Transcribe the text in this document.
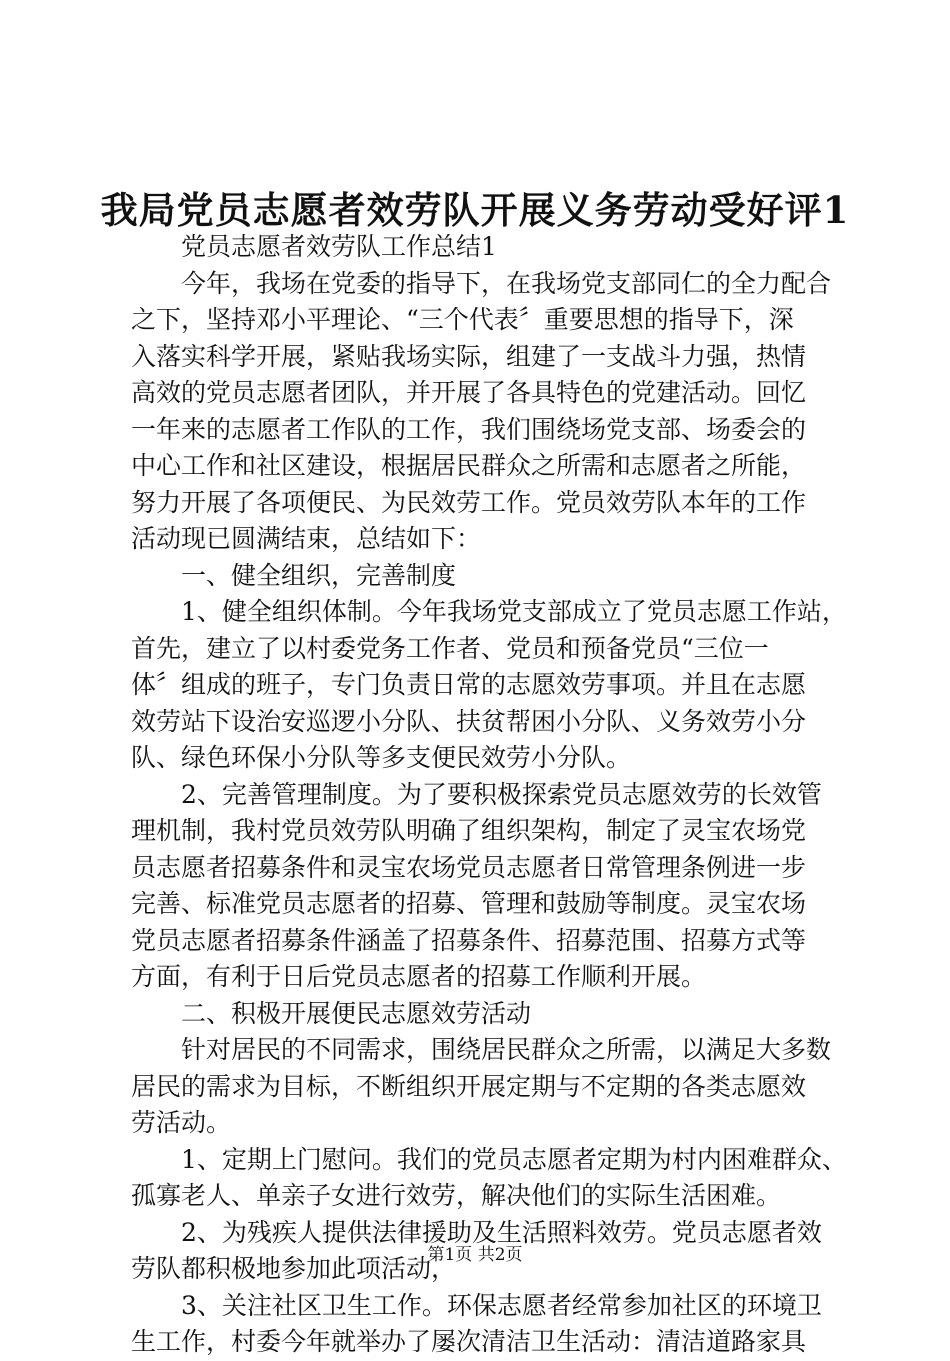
我局党员志愿者效劳队开展义务劳动受好评1
　　党员志愿者效劳队工作总结1
　　今年，我场在党委的指导下，在我场党支部同仁的全力配合
之下，坚持邓小平理论、“三个代表〞重要思想的指导下，深
入落实科学开展，紧贴我场实际，组建了一支战斗力强，热情
高效的党员志愿者团队，并开展了各具特色的党建活动。回忆
一年来的志愿者工作队的工作，我们围绕场党支部、场委会的
中心工作和社区建设，根据居民群众之所需和志愿者之所能，
努力开展了各项便民、为民效劳工作。党员效劳队本年的工作
活动现已圆满结束，总结如下：
　　一、健全组织，完善制度
　　1、健全组织体制。今年我场党支部成立了党员志愿工作站，
首先，建立了以村委党务工作者、党员和预备党员“三位一
体〞组成的班子，专门负责日常的志愿效劳事项。并且在志愿
效劳站下设治安巡逻小分队、扶贫帮困小分队、义务效劳小分
队、绿色环保小分队等多支便民效劳小分队。
　　2、完善管理制度。为了要积极探索党员志愿效劳的长效管
理机制，我村党员效劳队明确了组织架构，制定了灵宝农场党
员志愿者招募条件和灵宝农场党员志愿者日常管理条例进一步
完善、标准党员志愿者的招募、管理和鼓励等制度。灵宝农场
党员志愿者招募条件涵盖了招募条件、招募范围、招募方式等
方面，有利于日后党员志愿者的招募工作顺利开展。
　　二、积极开展便民志愿效劳活动
　　针对居民的不同需求，围绕居民群众之所需，以满足大多数
居民的需求为目标，不断组织开展定期与不定期的各类志愿效
劳活动。
　　1、定期上门慰问。我们的党员志愿者定期为村内困难群众、
孤寡老人、单亲子女进行效劳，解决他们的实际生活困难。
　　2、为残疾人提供法律援助及生活照料效劳。党员志愿者效
劳队都积极地参加此项活动，
　　3、关注社区卫生工作。环保志愿者经常参加社区的环境卫
生工作，村委今年就举办了屡次清洁卫生活动：清洁道路家具
第1页 共2页
